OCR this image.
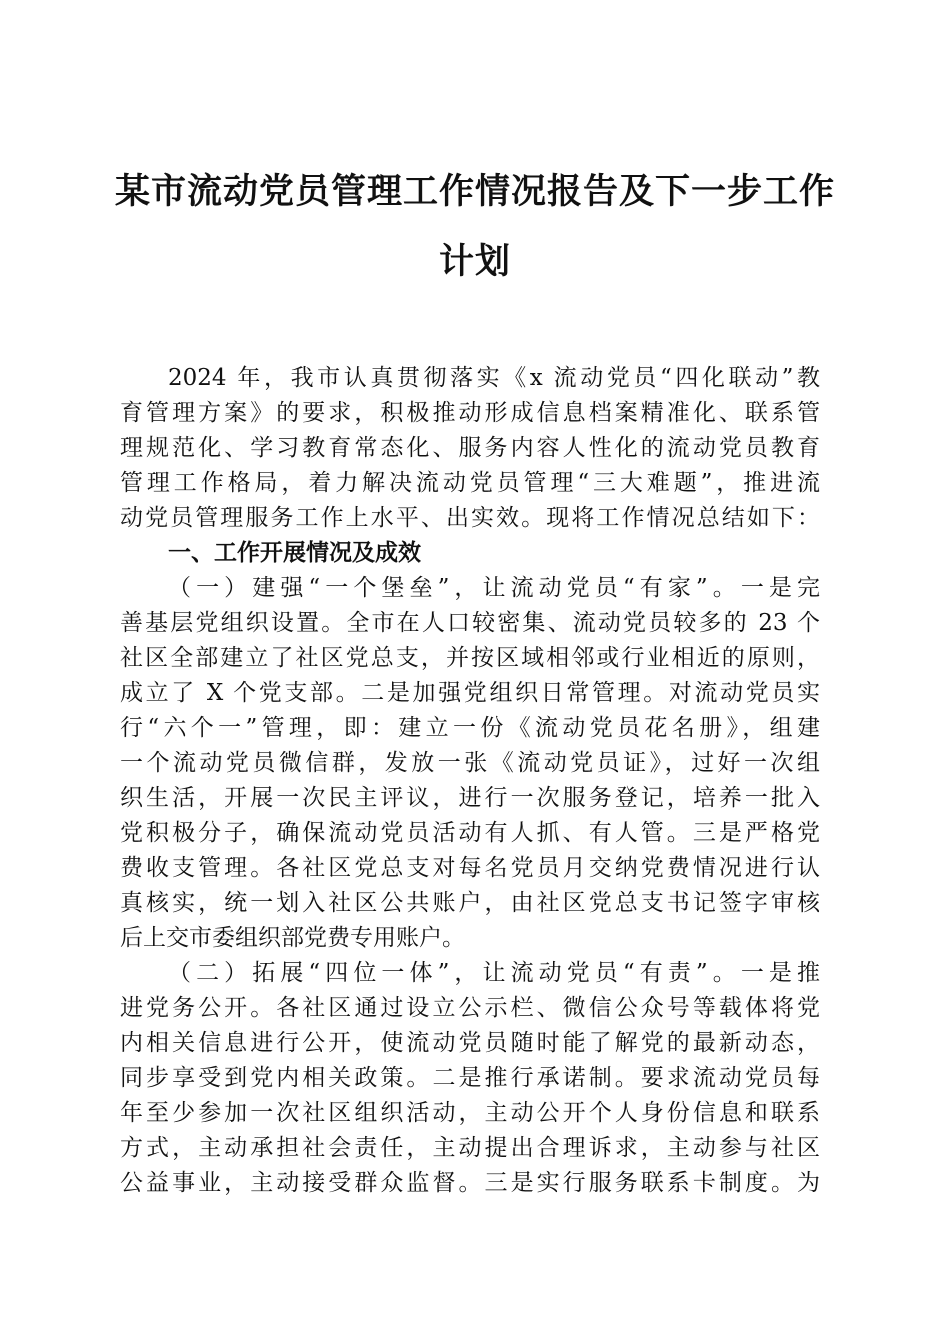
某市流动党员管理工作情况报告及下一步工作
计划
2024 年，我市认真贯彻落实《x 流动党员“四化联动”教
育管理方案》的要求，积极推动形成信息档案精准化、联系管
理规范化、学习教育常态化、服务内容人性化的流动党员教育
管理工作格局，着力解决流动党员管理“三大难题”，推进流
动党员管理服务工作上水平、出实效。现将工作情况总结如下：
一、工作开展情况及成效
（一）建强“一个堡垒”，让流动党员“有家”。一是完
善基层党组织设置。全市在人口较密集、流动党员较多的 23 个
社区全部建立了社区党总支，并按区域相邻或行业相近的原则，
成立了 X 个党支部。二是加强党组织日常管理。对流动党员实
行“六个一”管理，即：建立一份《流动党员花名册》，组建
一个流动党员微信群，发放一张《流动党员证》，过好一次组
织生活，开展一次民主评议，进行一次服务登记，培养一批入
党积极分子，确保流动党员活动有人抓、有人管。三是严格党
费收支管理。各社区党总支对每名党员月交纳党费情况进行认
真核实，统一划入社区公共账户，由社区党总支书记签字审核
后上交市委组织部党费专用账户。
（二）拓展“四位一体”，让流动党员“有责”。一是推
进党务公开。各社区通过设立公示栏、微信公众号等载体将党
内相关信息进行公开，使流动党员随时能了解党的最新动态，
同步享受到党内相关政策。二是推行承诺制。要求流动党员每
年至少参加一次社区组织活动，主动公开个人身份信息和联系
方式，主动承担社会责任，主动提出合理诉求，主动参与社区
公益事业，主动接受群众监督。三是实行服务联系卡制度。为
